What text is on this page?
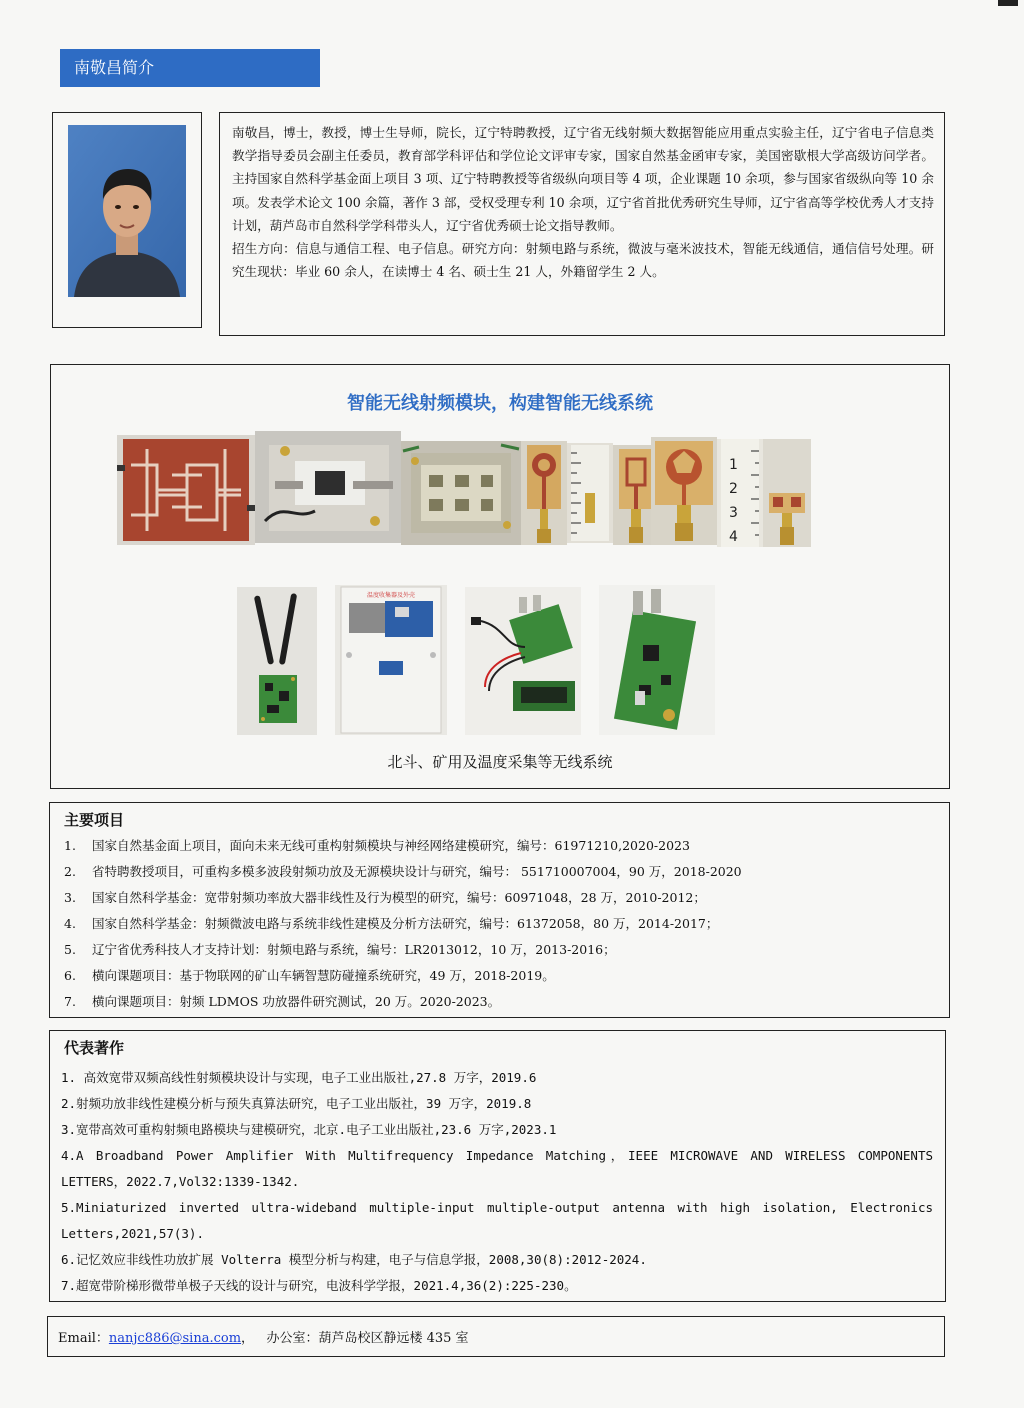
南敬昌简介

南敬昌，博士，教授，博士生导师，院长，辽宁特聘教授，辽宁省无线射频大数据智能应用重点实验主任，辽宁省电子信息类教学指导委员会副主任委员，教育部学科评估和学位论文评审专家，国家自然基金函审专家，美国密歇根大学高级访问学者。主持国家自然科学基金面上项目 3 项、辽宁特聘教授等省级纵向项目等 4 项，企业课题 10 余项，参与国家省级纵向等 10 余项。发表学术论文 100 余篇，著作 3 部，受权受理专利 10 余项，辽宁省首批优秀研究生导师，辽宁省高等学校优秀人才支持计划，葫芦岛市自然科学学科带头人，辽宁省优秀硕士论文指导教师。

招生方向：信息与通信工程、电子信息。研究方向：射频电路与系统，微波与毫米波技术，智能无线通信，通信信号处理。研究生现状：毕业 60 余人，在读博士 4 名、硕士生 21 人，外籍留学生 2 人。

智能无线射频模块，构建智能无线系统
1
2
3
4
温度收集器及外壳
北斗、矿用及温度采集等无线系统
主要项目
1.	国家自然基金面上项目，面向未来无线可重构射频模块与神经网络建模研究，编号：61971210,2020-2023
2.	省特聘教授项目，可重构多模多波段射频功放及无源模块设计与研究，编号： 551710007004，90 万，2018-2020
3.	国家自然科学基金：宽带射频功率放大器非线性及行为模型的研究，编号：60971048，28 万，2010-2012；
4.	国家自然科学基金：射频微波电路与系统非线性建模及分析方法研究，编号：61372058，80 万，2014-2017；
5.	辽宁省优秀科技人才支持计划：射频电路与系统，编号：LR2013012，10 万，2013-2016；
6.	横向课题项目：基于物联网的矿山车辆智慧防碰撞系统研究，49 万，2018-2019。
7.	横向课题项目：射频 LDMOS 功放器件研究测试，20 万。2020-2023。
代表著作
1. 高效宽带双频高线性射频模块设计与实现，电子工业出版社,27.8 万字，2019.6
2.射频功放非线性建模分析与预失真算法研究，电子工业出版社，39 万字，2019.8
3.宽带高效可重构射频电路模块与建模研究，北京.电子工业出版社,23.6 万字,2023.1
4.A Broadband Power Amplifier With Multifrequency Impedance Matching，IEEE MICROWAVE AND WIRELESS COMPONENTS LETTERS，2022.7,Vol32:1339-1342.
5.Miniaturized inverted ultra-wideband multiple-input multiple-output antenna with high isolation, Electronics Letters,2021,57(3).
6.记忆效应非线性功放扩展 Volterra 模型分析与构建，电子与信息学报，2008,30(8):2012-2024.
7.超宽带阶梯形微带单极子天线的设计与研究，电波科学学报，2021.4,36(2):225-230。
Email：nanjc886@sina.com， 办公室：葫芦岛校区静远楼 435 室
